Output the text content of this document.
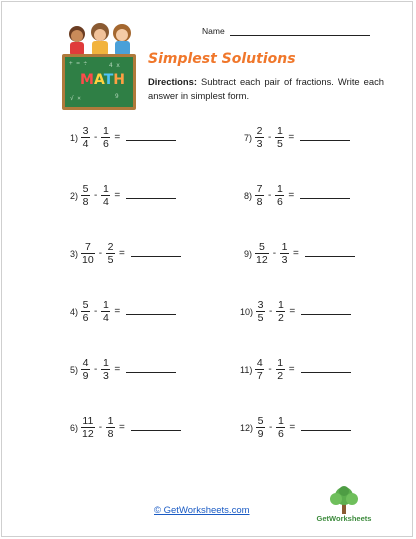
Name
+ = ÷	4 x
√ ×	9
MATH
Simplest Solutions
Directions: Subtract each pair of fractions. Write each answer in simplest form.
$1) \frac{3}{4} - \frac{1}{6}$ =
$2) \frac{5}{8} - \frac{1}{4}$ =
$3) \frac{7}{10} - \frac{2}{5}$ =
$4) \frac{5}{6} - \frac{1}{4}$ =
$5) \frac{4}{9} - \frac{1}{3}$ =
$6) \frac{11}{12} - \frac{1}{8}$ =
$7) \frac{2}{3} - \frac{1}{5}$ =
$8) \frac{7}{8} - \frac{1}{6}$ =
$9) \frac{5}{12} - \frac{1}{3}$ =
$10) \frac{3}{5} - \frac{1}{2}$ =
$11) \frac{4}{7} - \frac{1}{2}$ =
$12) \frac{5}{9} - \frac{1}{6}$ =
© GetWorksheets.com
GetWorksheets
